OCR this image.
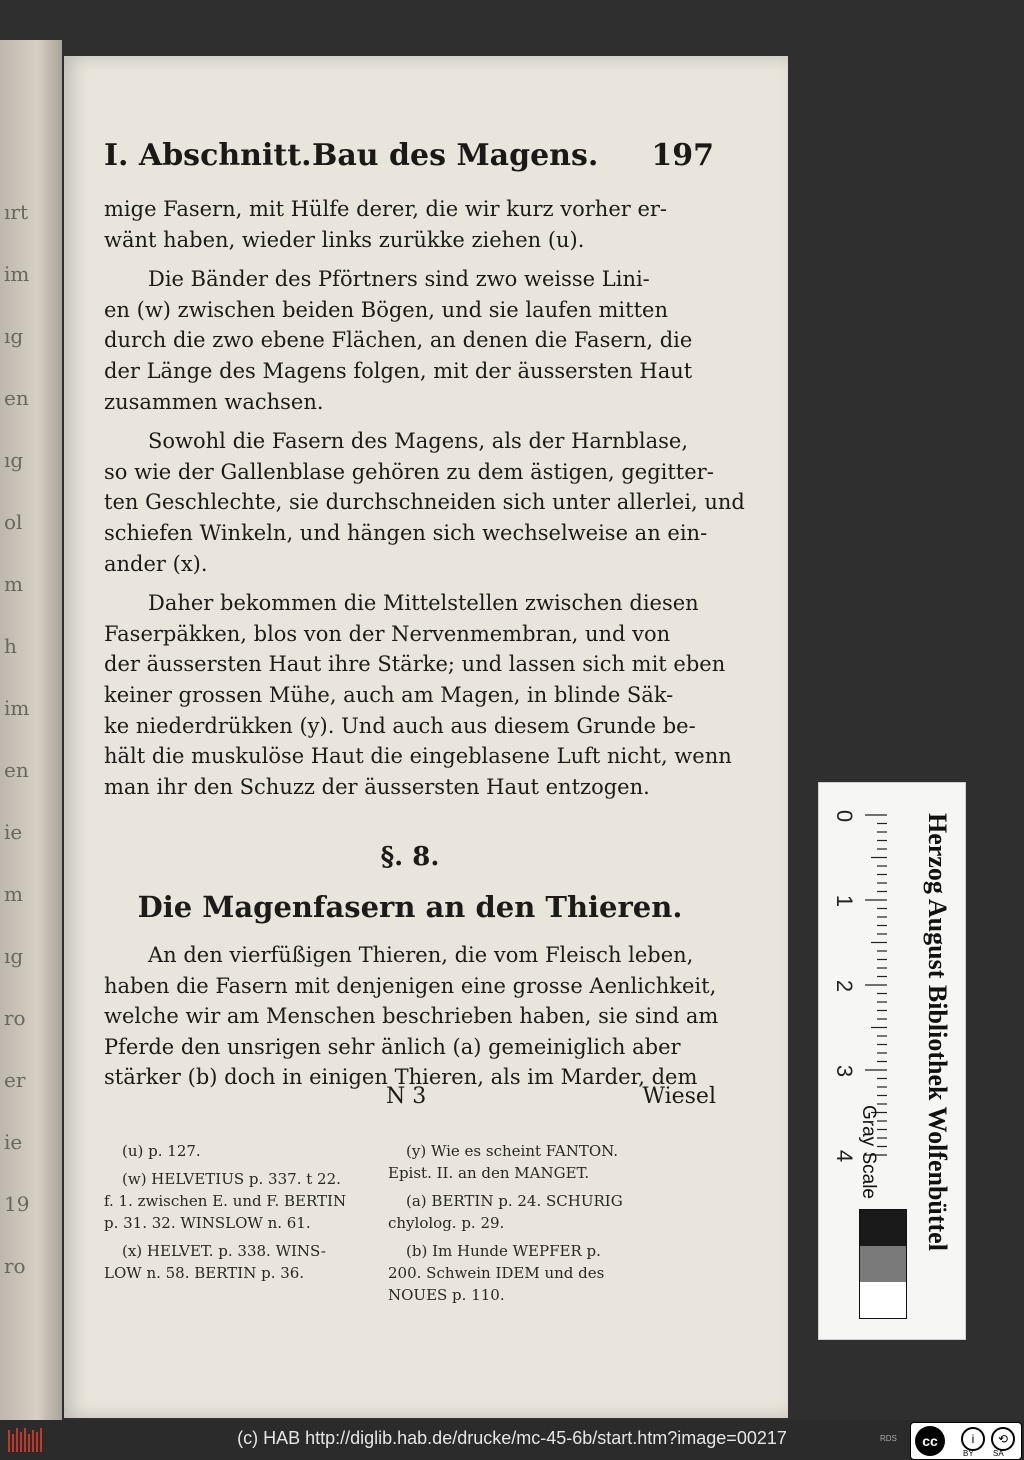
ırt
im
ıg
en
ıg
ol
m
h
im
en
ie
m
ıg
ro
er
ie
19
ro
I. Abschnitt. Bau des Magens. 197

mige Fasern, mit Hülfe derer, die wir kurz vorher er-
wänt haben, wieder links zurükke ziehen (u).

Die Bänder des Pförtners sind zwo weisse Lini-
en (w) zwischen beiden Bögen, und sie laufen mitten
durch die zwo ebene Flächen, an denen die Fasern, die
der Länge des Magens folgen, mit der äussersten Haut
zusammen wachsen.

Sowohl die Fasern des Magens, als der Harnblase,
so wie der Gallenblase gehören zu dem ästigen, gegitter-
ten Geschlechte, sie durchschneiden sich unter allerlei, und
schiefen Winkeln, und hängen sich wechselweise an ein-
ander (x).

Daher bekommen die Mittelstellen zwischen diesen
Faserpäkken, blos von der Nervenmembran, und von
der äussersten Haut ihre Stärke; und lassen sich mit eben
keiner grossen Mühe, auch am Magen, in blinde Säk-
ke niederdrükken (y). Und auch aus diesem Grunde be-
hält die muskulöse Haut die eingeblasene Luft nicht, wenn
man ihr den Schuzz der äussersten Haut entzogen.

§. 8.
Die Magenfasern an den Thieren.

An den vierfüßigen Thieren, die vom Fleisch leben,
haben die Fasern mit denjenigen eine grosse Aenlichkeit,
welche wir am Menschen beschrieben haben, sie sind am
Pferde den unsrigen sehr änlich (a) gemeiniglich aber
stärker (b) doch in einigen Thieren, als im Marder, dem

N 3	Wiesel

(u) p. 127.

(w) HELVETIUS p. 337. t 22.
f. 1. zwischen E. und F. BERTIN
p. 31. 32. WINSLOW n. 61.

(x) HELVET. p. 338. WINS-
LOW n. 58. BERTIN p. 36.

(y) Wie es scheint FANTON.
Epist. II. an den MANGET.

(a) BERTIN p. 24. SCHURIG
chylolog. p. 29.

(b) Im Hunde WEPFER p.
200. Schwein IDEM und des
NOUES p. 110.

0
1
2
3
4	Herzog August Bibliothek Wolfenbüttel
Gray Scale
(c) HAB http://diglib.hab.de/drucke/mc-45-6b/start.htm?image=00217	RDS	cc	i	⟲
BY SA
